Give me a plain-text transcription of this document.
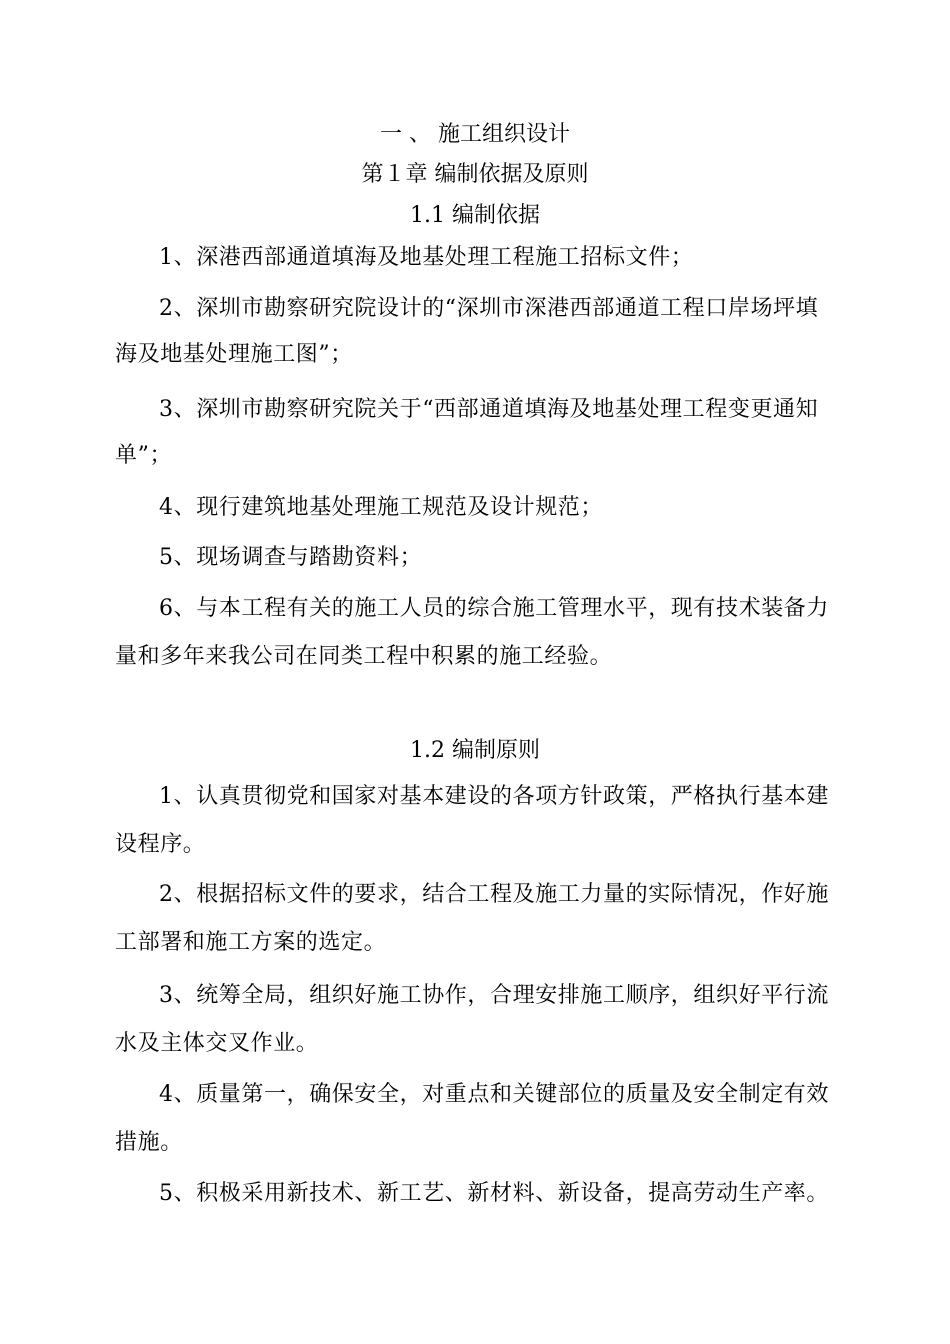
一 、 施工组织设计
第１章 编制依据及原则
1.1 编制依据
1、深港西部通道填海及地基处理工程施工招标文件；
2、深圳市勘察研究院设计的“深圳市深港西部通道工程口岸场坪填
海及地基处理施工图”；
3、深圳市勘察研究院关于“西部通道填海及地基处理工程变更通知
单”；
4、现行建筑地基处理施工规范及设计规范；
5、现场调查与踏勘资料；
6、与本工程有关的施工人员的综合施工管理水平，现有技术装备力
量和多年来我公司在同类工程中积累的施工经验。
1.2 编制原则
1、认真贯彻党和国家对基本建设的各项方针政策，严格执行基本建
设程序。
2、根据招标文件的要求，结合工程及施工力量的实际情况，作好施
工部署和施工方案的选定。
3、统筹全局，组织好施工协作，合理安排施工顺序，组织好平行流
水及主体交叉作业。
4、质量第一，确保安全，对重点和关键部位的质量及安全制定有效
措施。
5、积极采用新技术、新工艺、新材料、新设备，提高劳动生产率。
